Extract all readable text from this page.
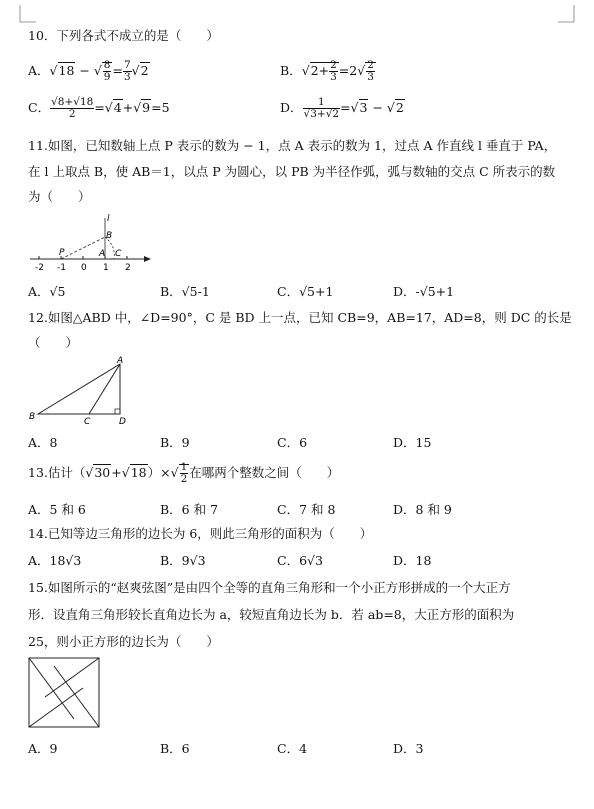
10．下列各式不成立的是（　　）
A．√18 − √ $\frac{8}{9} = \frac{7}{3} √2$	B．$√2+ \frac{2}{3} =2√ \frac{2}{3}$
C． $\frac{√8+√18}{2} =√4+√9=5$	D． $\frac{1}{√3+√2} =√3 - √2$
11.如图，已知数轴上点 P 表示的数为 − 1，点 A 表示的数为 1，过点 A 作直线 l 垂直于 PA，
在 l 上取点 B，使 AB＝1，以点 P 为圆心，以 PB 为半径作弧，弧与数轴的交点 C 所表示的数
为（　　）
-2 -1 0 1 2
P	A
B
C
l
A．√5	B．√5-1	C．√5+1	D．-√5+1
12.如图△ABD 中，∠D=90°，C 是 BD 上一点，已知 CB=9，AB=17，AD=8，则 DC 的长是
（　　）
A
B	C	D
A．8	B．9	C．6	D．15
13.估计$(√30+√18)\times√ \frac{1}{2}$ 在哪两个整数之间（　　）
A．5 和 6	B．6 和 7	C．7 和 8	D．8 和 9
14.已知等边三角形的边长为 6，则此三角形的面积为（　　）
A．18√3	B．9√3	C．6√3	D．18
15.如图所示的“赵爽弦图”是由四个全等的直角三角形和一个小正方形拼成的一个大正方
形．设直角三角形较长直角边长为 a，较短直角边长为 b．若 ab=8，大正方形的面积为
25，则小正方形的边长为（　　）
A．9	B．6	C．4	D．3
